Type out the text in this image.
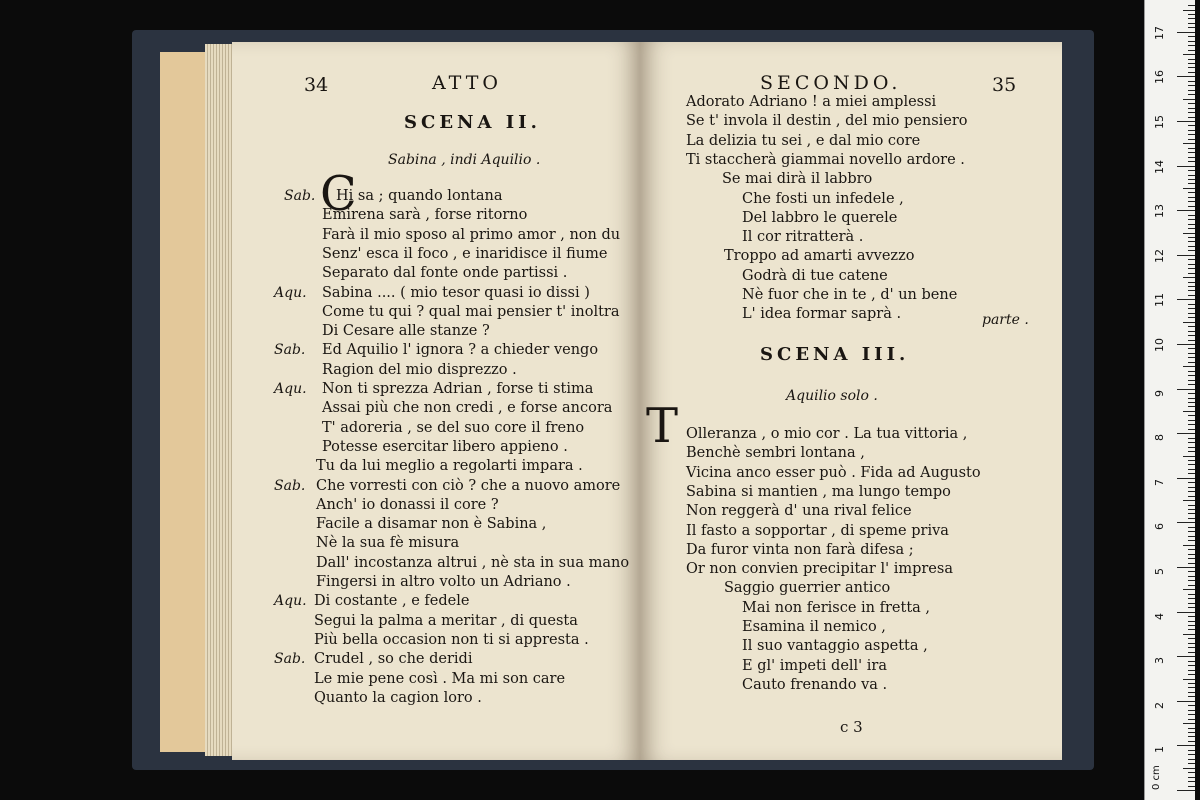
34	ATTO
SCENA II.
Sabina , indi Aquilio .
C
Sab. Hi sa ; quando lontana
Emirena sarà , forse ritorno
Farà il mio sposo al primo amor , non du
Senz' esca il foco , e inaridisce il fiume
Separato dal fonte onde partissi .
Aqu. Sabina .... ( mio tesor quasi io dissi )
Come tu qui ? qual mai pensier t' inoltra
Di Cesare alle stanze ?
Sab. Ed Aquilio l' ignora ? a chieder vengo
Ragion del mio disprezzo .
Aqu. Non ti sprezza Adrian , forse ti stima
Assai più che non credi , e forse ancora
T' adoreria , se del suo core il freno
Potesse esercitar libero appieno .
Tu da lui meglio a regolarti impara .
Sab. Che vorresti con ciò ? che a nuovo amore
Anch' io donassi il core ?
Facile a disamar non è Sabina ,
Nè la sua fè misura
Dall' incostanza altrui , nè sta in sua mano
Fingersi in altro volto un Adriano .
Aqu. Di costante , e fedele
Segui la palma a meritar , di questa
Più bella occasion non ti si appresta .
Sab. Crudel , so che deridi
Le mie pene così . Ma mi son care
Quanto la cagion loro .
SECONDO.	35
Adorato Adriano ! a miei amplessi
Se t' invola il destin , del mio pensiero
La delizia tu sei , e dal mio core
Ti staccherà giammai novello ardore .
Se mai dirà il labbro
Che fosti un infedele ,
Del labbro le querele
Il cor ritratterà .
Troppo ad amarti avvezzo
Godrà di tue catene
Nè fuor che in te , d' un bene
L' idea formar saprà .	parte .
SCENA III.
Aquilio solo .
T Olleranza , o mio cor . La tua vittoria ,
Benchè sembri lontana ,
Vicina anco esser può . Fida ad Augusto
Sabina si mantien , ma lungo tempo
Non reggerà d' una rival felice
Il fasto a sopportar , di speme priva
Da furor vinta non farà difesa ;
Or non convien precipitar l' impresa
Saggio guerrier antico
Mai non ferisce in fretta ,
Esamina il nemico ,
Il suo vantaggio aspetta ,
E gl' impeti dell' ira
Cauto frenando va .
c 3
0 cm
1
2
3
4
5
6
7
8
9
10
11
12
13
14
15
16
17
